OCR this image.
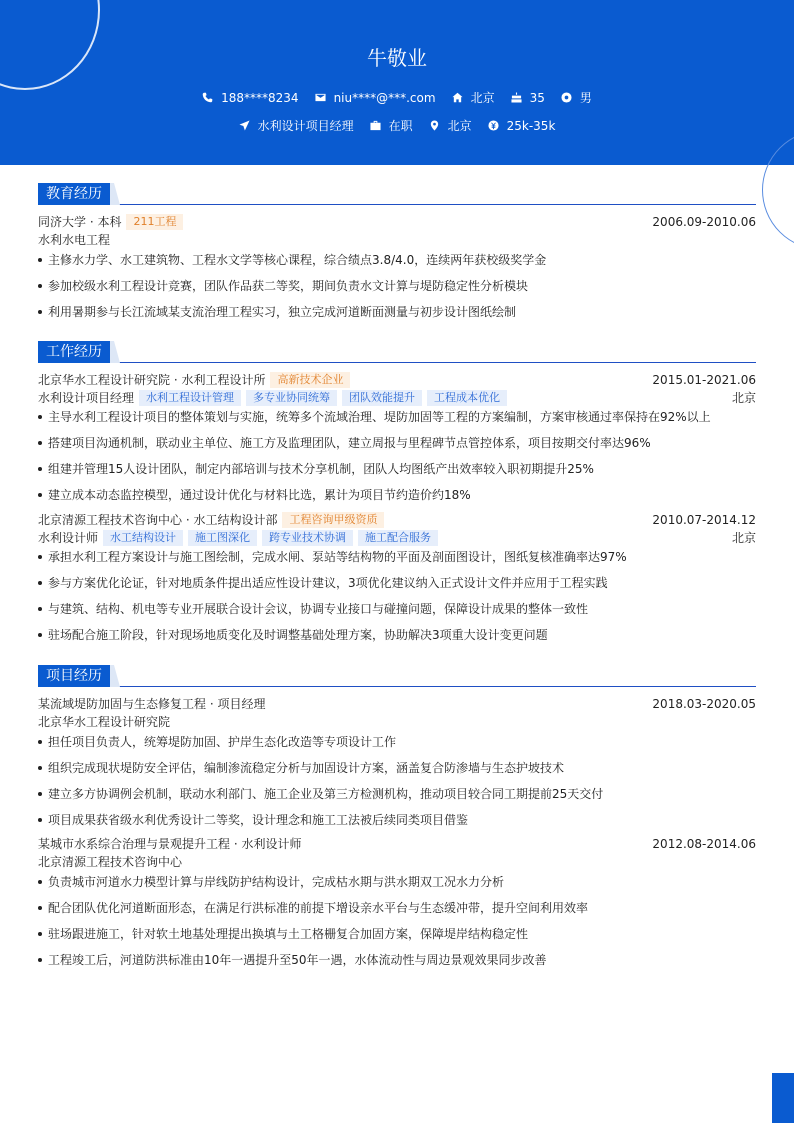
牛敬业
188****8234	niu****@***.com	北京	35	男
水利设计项目经理	在职	北京	25k-35k
教育经历
同济大学 · 本科 211工程	2006.09-2010.06
水利水电工程
主修水力学、水工建筑物、工程水文学等核心课程，综合绩点3.8/4.0，连续两年获校级奖学金
参加校级水利工程设计竞赛，团队作品获二等奖，期间负责水文计算与堤防稳定性分析模块
利用暑期参与长江流域某支流治理工程实习，独立完成河道断面测量与初步设计图纸绘制
工作经历
北京华水工程设计研究院 · 水利工程设计所 高新技术企业	2015.01-2021.06
水利设计项目经理 水利工程设计管理 多专业协同统筹 团队效能提升 工程成本优化	北京
主导水利工程设计项目的整体策划与实施，统筹多个流域治理、堤防加固等工程的方案编制，方案审核通过率保持在92%以上
搭建项目沟通机制，联动业主单位、施工方及监理团队，建立周报与里程碑节点管控体系，项目按期交付率达96%
组建并管理15人设计团队，制定内部培训与技术分享机制，团队人均图纸产出效率较入职初期提升25%
建立成本动态监控模型，通过设计优化与材料比选，累计为项目节约造价约18%
北京清源工程技术咨询中心 · 水工结构设计部 工程咨询甲级资质	2010.07-2014.12
水利设计师 水工结构设计 施工图深化 跨专业技术协调 施工配合服务	北京
承担水利工程方案设计与施工图绘制，完成水闸、泵站等结构物的平面及剖面图设计，图纸复核准确率达97%
参与方案优化论证，针对地质条件提出适应性设计建议，3项优化建议纳入正式设计文件并应用于工程实践
与建筑、结构、机电等专业开展联合设计会议，协调专业接口与碰撞问题，保障设计成果的整体一致性
驻场配合施工阶段，针对现场地质变化及时调整基础处理方案，协助解决3项重大设计变更问题
项目经历
某流域堤防加固与生态修复工程 · 项目经理	2018.03-2020.05
北京华水工程设计研究院
担任项目负责人，统筹堤防加固、护岸生态化改造等专项设计工作
组织完成现状堤防安全评估，编制渗流稳定分析与加固设计方案，涵盖复合防渗墙与生态护坡技术
建立多方协调例会机制，联动水利部门、施工企业及第三方检测机构，推动项目较合同工期提前25天交付
项目成果获省级水利优秀设计二等奖，设计理念和施工工法被后续同类项目借鉴
某城市水系综合治理与景观提升工程 · 水利设计师	2012.08-2014.06
北京清源工程技术咨询中心
负责城市河道水力模型计算与岸线防护结构设计，完成枯水期与洪水期双工况水力分析
配合团队优化河道断面形态，在满足行洪标准的前提下增设亲水平台与生态缓冲带，提升空间利用效率
驻场跟进施工，针对软土地基处理提出换填与土工格栅复合加固方案，保障堤岸结构稳定性
工程竣工后，河道防洪标准由10年一遇提升至50年一遇，水体流动性与周边景观效果同步改善
